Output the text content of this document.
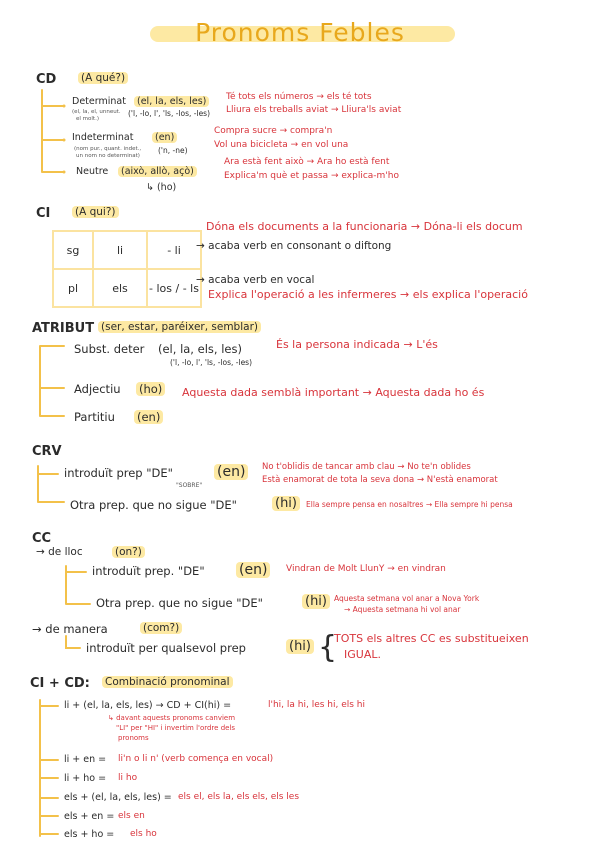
Pronoms Febles
CD (A qué?)
Determinat	(el, la, els, les)
(el, la, el, unneut.
el molt.)
('l, -lo, l', 'ls, -los, -les)
Té tots els números → els té tots
Lliura els treballs aviat → Lliura'ls aviat
Indeterminat	(en)
(nom pur., quant. indet.,
un nom no determinat)
('n, -ne)
Compra sucre → compra'n
Vol una bicicleta → en vol una
Neutre	(això, allò, açò)
↳ (ho)
Ara està fent això → Ara ho està fent
Explica'm què et passa → explica-m'ho
CI (A qui?)
sg	li	- li
pl	els	- los / - ls
Dóna els documents a la funcionaria → Dóna-li els docum
→ acaba verb en consonant o diftong
→ acaba verb en vocal
Explica l'operació a les infermeres → els explica l'operació
ATRIBUT (ser, estar, paréixer, semblar)
Subst. deter (el, la, els, les)
('l, -lo, l', 'ls, -los, -les)
És la persona indicada → L'és
Adjectiu (ho) Aquesta dada semblà important → Aquesta dada ho és
Partitiu (en)
CRV
introduït prep "DE"	(en)
"SOBRE"
No t'oblidis de tancar amb clau → No te'n oblides
Està enamorat de tota la seva dona → N'està enamorat
Otra prep. que no sigue "DE"	(hi)	Ella sempre pensa en nosaltres → Ella sempre hi pensa
CC
→ de lloc	(on?)
introduït prep. "DE" (en)	Vindran de Molt LlunY → en vindran
Otra prep. que no sigue "DE"	(hi) Aquesta setmana vol anar a Nova York
→ Aquesta setmana hi vol anar
→ de manera	(com?)
introduït per qualsevol prep	(hi) {
TOTS els altres CC es substitueixen
IGUAL.
CI + CD: Combinació pronominal
li + (el, la, els, les) → CD + CI(hi) =	l'hi, la hi, les hi, els hi
↳ davant aquests pronoms canviem
"LI" per "HI" i invertim l'ordre dels
pronoms
li + en = li'n o li n' (verb comença en vocal)
li + ho = li ho
els + (el, la, els, les) = els el, els la, els els, els les
els + en = els en
els + ho = els ho
